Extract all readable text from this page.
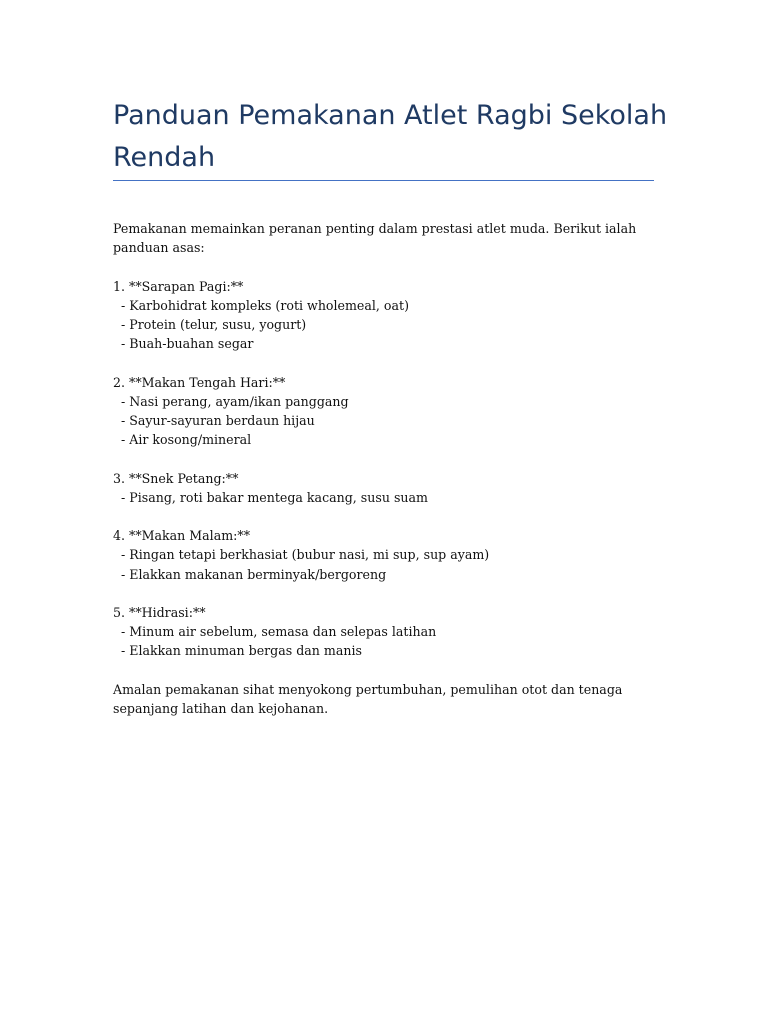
Panduan Pemakanan Atlet Ragbi Sekolah Rendah

Pemakanan memainkan peranan penting dalam prestasi atlet muda. Berikut ialah panduan asas:

1. **Sarapan Pagi:**

- Karbohidrat kompleks (roti wholemeal, oat)

- Protein (telur, susu, yogurt)

- Buah-buahan segar

2. **Makan Tengah Hari:**

- Nasi perang, ayam/ikan panggang

- Sayur-sayuran berdaun hijau

- Air kosong/mineral

3. **Snek Petang:**

- Pisang, roti bakar mentega kacang, susu suam

4. **Makan Malam:**

- Ringan tetapi berkhasiat (bubur nasi, mi sup, sup ayam)

- Elakkan makanan berminyak/bergoreng

5. **Hidrasi:**

- Minum air sebelum, semasa dan selepas latihan

- Elakkan minuman bergas dan manis

Amalan pemakanan sihat menyokong pertumbuhan, pemulihan otot dan tenaga sepanjang latihan dan kejohanan.
